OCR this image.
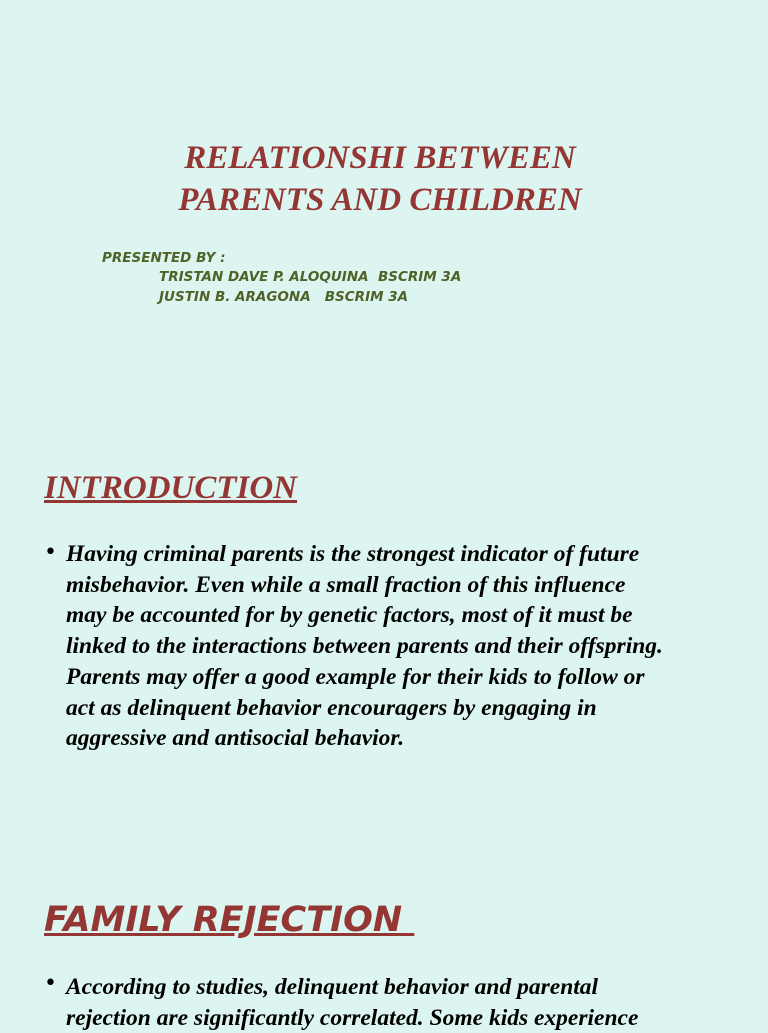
RELATIONSHI BETWEEN
PARENTS AND CHILDREN
PRESENTED BY :
TRISTAN DAVE P. ALOQUINA  BSCRIM 3A
JUSTIN B. ARAGONA   BSCRIM 3A
INTRODUCTION
• Having criminal parents is the strongest indicator of future
misbehavior. Even while a small fraction of this influence
may be accounted for by genetic factors, most of it must be
linked to the interactions between parents and their offspring.
Parents may offer a good example for their kids to follow or
act as delinquent behavior encouragers by engaging in
aggressive and antisocial behavior.

FAMILY REJECTION
• According to studies, delinquent behavior and parental
rejection are significantly correlated. Some kids experience
